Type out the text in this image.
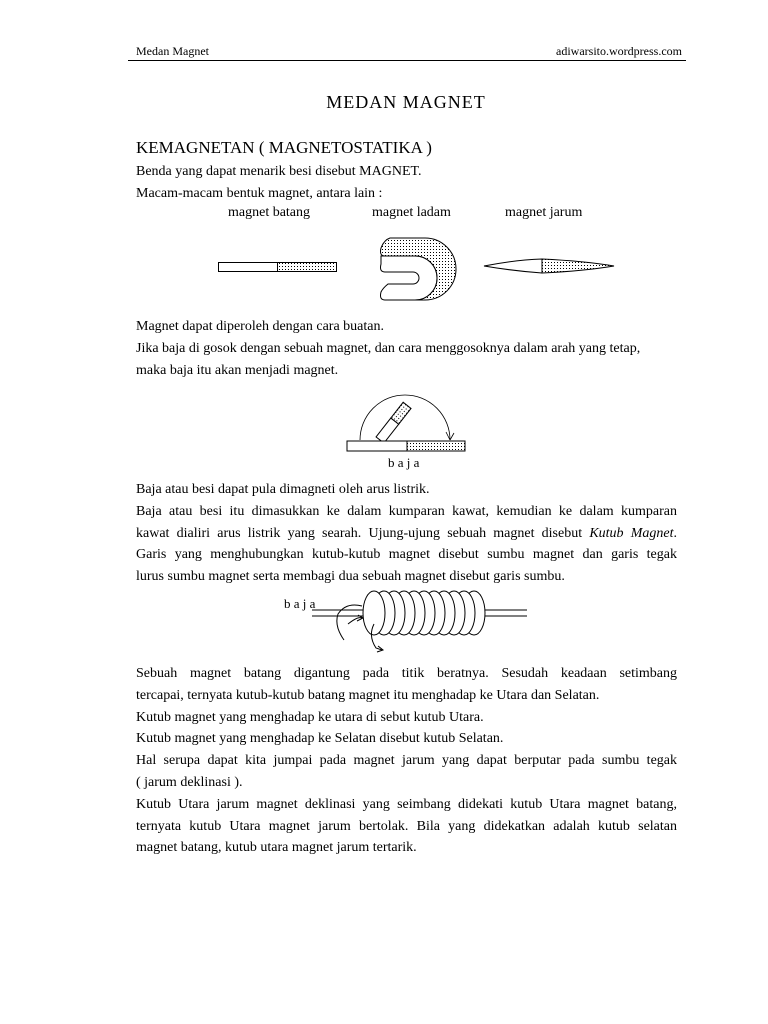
Medan Magnet	adiwarsito.wordpress.com
MEDAN MAGNET
KEMAGNETAN ( MAGNETOSTATIKA )

Benda yang dapat menarik besi disebut MAGNET.

Macam-macam bentuk magnet, antara lain :

magnet batang	magnet ladam	magnet jarum

Magnet dapat diperoleh dengan cara buatan.

Jika baja di gosok dengan sebuah magnet, dan cara menggosoknya dalam arah yang tetap,

maka baja itu akan menjadi magnet.

b a j a

Baja atau besi dapat pula dimagneti oleh arus listrik.

Baja atau besi itu dimasukkan ke dalam kumparan kawat, kemudian ke dalam kumparan

kawat dialiri arus listrik yang searah. Ujung-ujung sebuah magnet disebut Kutub Magnet.

Garis yang menghubungkan kutub-kutub magnet disebut sumbu magnet dan garis tegak

lurus sumbu magnet serta membagi dua sebuah magnet disebut garis sumbu.

b a j a

Sebuah magnet batang digantung pada titik beratnya. Sesudah keadaan setimbang

tercapai, ternyata kutub-kutub batang magnet itu menghadap ke Utara dan Selatan.

Kutub magnet yang menghadap ke utara di sebut kutub Utara.

Kutub magnet yang menghadap ke Selatan disebut kutub Selatan.

Hal serupa dapat kita jumpai pada magnet jarum yang dapat berputar pada sumbu tegak

( jarum deklinasi ).

Kutub Utara jarum magnet deklinasi yang seimbang didekati kutub Utara magnet batang,

ternyata kutub Utara magnet jarum bertolak. Bila yang didekatkan adalah kutub selatan

magnet batang, kutub utara magnet jarum tertarik.
